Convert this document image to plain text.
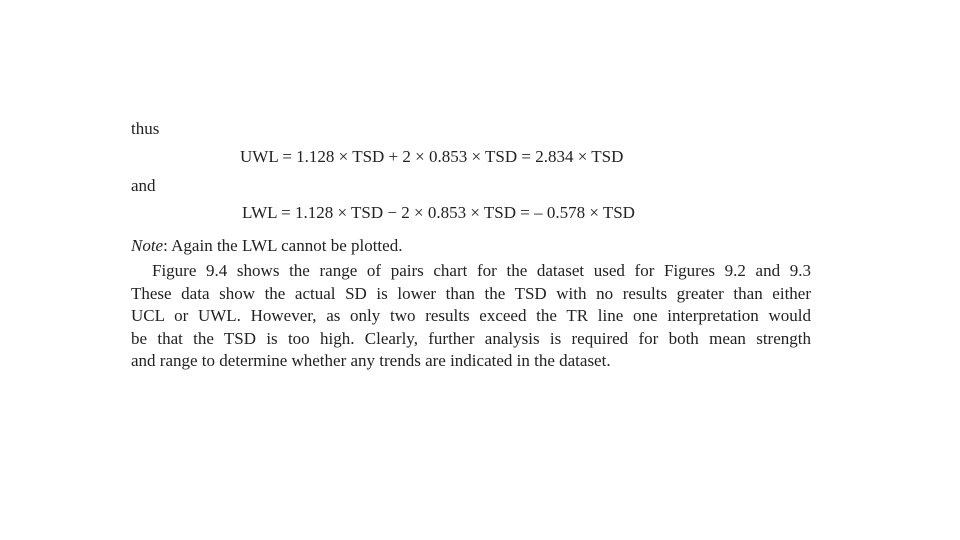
thus
UWL = 1.128 × TSD + 2 × 0.853 × TSD = 2.834 × TSD
and
LWL = 1.128 × TSD − 2 × 0.853 × TSD = – 0.578 × TSD
Note: Again the LWL cannot be plotted.
Figure 9.4 shows the range of pairs chart for the dataset used for Figures 9.2 and 9.3
These data show the actual SD is lower than the TSD with no results greater than either
UCL or UWL. However, as only two results exceed the TR line one interpretation would
be that the TSD is too high. Clearly, further analysis is required for both mean strength
and range to determine whether any trends are indicated in the dataset.
